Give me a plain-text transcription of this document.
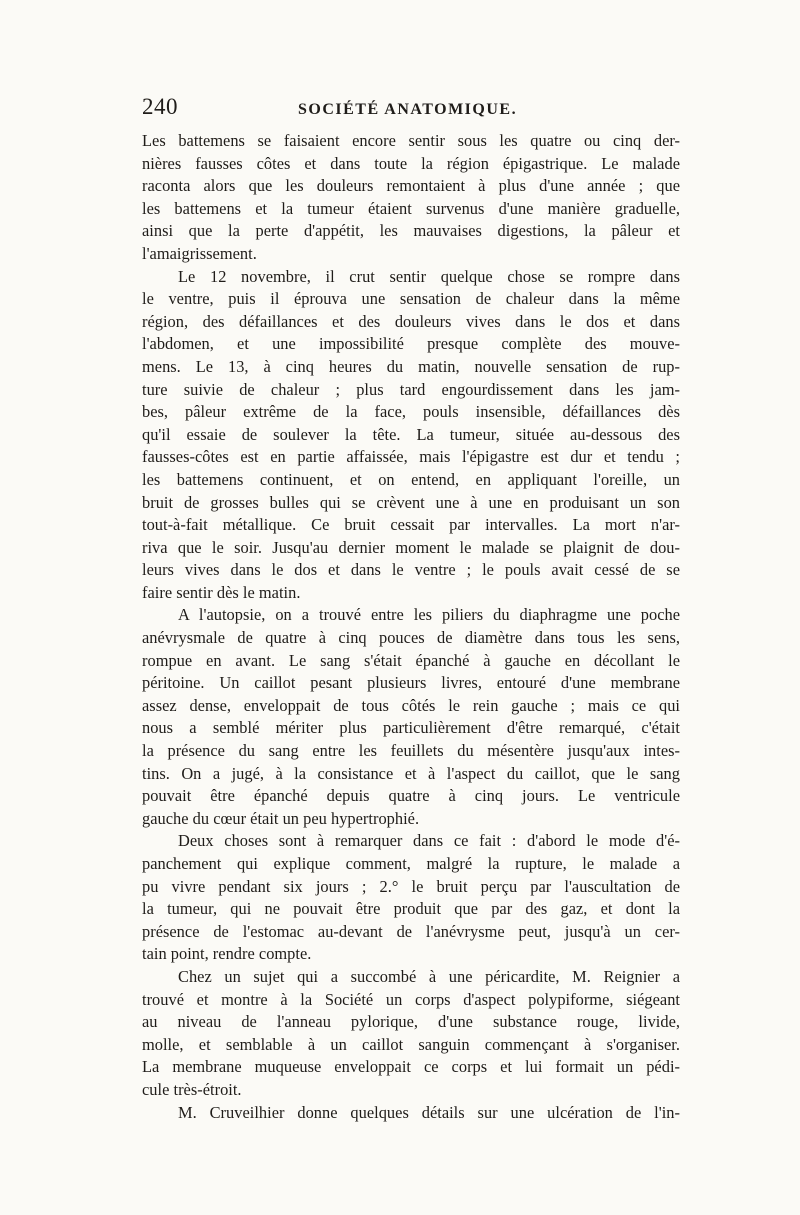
240	SOCIÉTÉ ANATOMIQUE.
Les battemens se faisaient encore sentir sous les quatre ou cinq der-
nières fausses côtes et dans toute la région épigastrique. Le malade
raconta alors que les douleurs remontaient à plus d'une année ; que
les battemens et la tumeur étaient survenus d'une manière graduelle,
ainsi que la perte d'appétit, les mauvaises digestions, la pâleur et
l'amaigrissement.
Le 12 novembre, il crut sentir quelque chose se rompre dans
le ventre, puis il éprouva une sensation de chaleur dans la même
région, des défaillances et des douleurs vives dans le dos et dans
l'abdomen, et une impossibilité presque complète des mouve-
mens. Le 13, à cinq heures du matin, nouvelle sensation de rup-
ture suivie de chaleur ; plus tard engourdissement dans les jam-
bes, pâleur extrême de la face, pouls insensible, défaillances dès
qu'il essaie de soulever la tête. La tumeur, située au-dessous des
fausses-côtes est en partie affaissée, mais l'épigastre est dur et tendu ;
les battemens continuent, et on entend, en appliquant l'oreille, un
bruit de grosses bulles qui se crèvent une à une en produisant un son
tout-à-fait métallique. Ce bruit cessait par intervalles. La mort n'ar-
riva que le soir. Jusqu'au dernier moment le malade se plaignit de dou-
leurs vives dans le dos et dans le ventre ; le pouls avait cessé de se
faire sentir dès le matin.
A l'autopsie, on a trouvé entre les piliers du diaphragme une poche
anévrysmale de quatre à cinq pouces de diamètre dans tous les sens,
rompue en avant. Le sang s'était épanché à gauche en décollant le
péritoine. Un caillot pesant plusieurs livres, entouré d'une membrane
assez dense, enveloppait de tous côtés le rein gauche ; mais ce qui
nous a semblé mériter plus particulièrement d'être remarqué, c'était
la présence du sang entre les feuillets du mésentère jusqu'aux intes-
tins. On a jugé, à la consistance et à l'aspect du caillot, que le sang
pouvait être épanché depuis quatre à cinq jours. Le ventricule
gauche du cœur était un peu hypertrophié.
Deux choses sont à remarquer dans ce fait : d'abord le mode d'é-
panchement qui explique comment, malgré la rupture, le malade a
pu vivre pendant six jours ; 2.° le bruit perçu par l'auscultation de
la tumeur, qui ne pouvait être produit que par des gaz, et dont la
présence de l'estomac au-devant de l'anévrysme peut, jusqu'à un cer-
tain point, rendre compte.
Chez un sujet qui a succombé à une péricardite, M. Reignier a
trouvé et montre à la Société un corps d'aspect polypiforme, siégeant
au niveau de l'anneau pylorique, d'une substance rouge, livide,
molle, et semblable à un caillot sanguin commençant à s'organiser.
La membrane muqueuse enveloppait ce corps et lui formait un pédi-
cule très-étroit.
M. Cruveilhier donne quelques détails sur une ulcération de l'in-
